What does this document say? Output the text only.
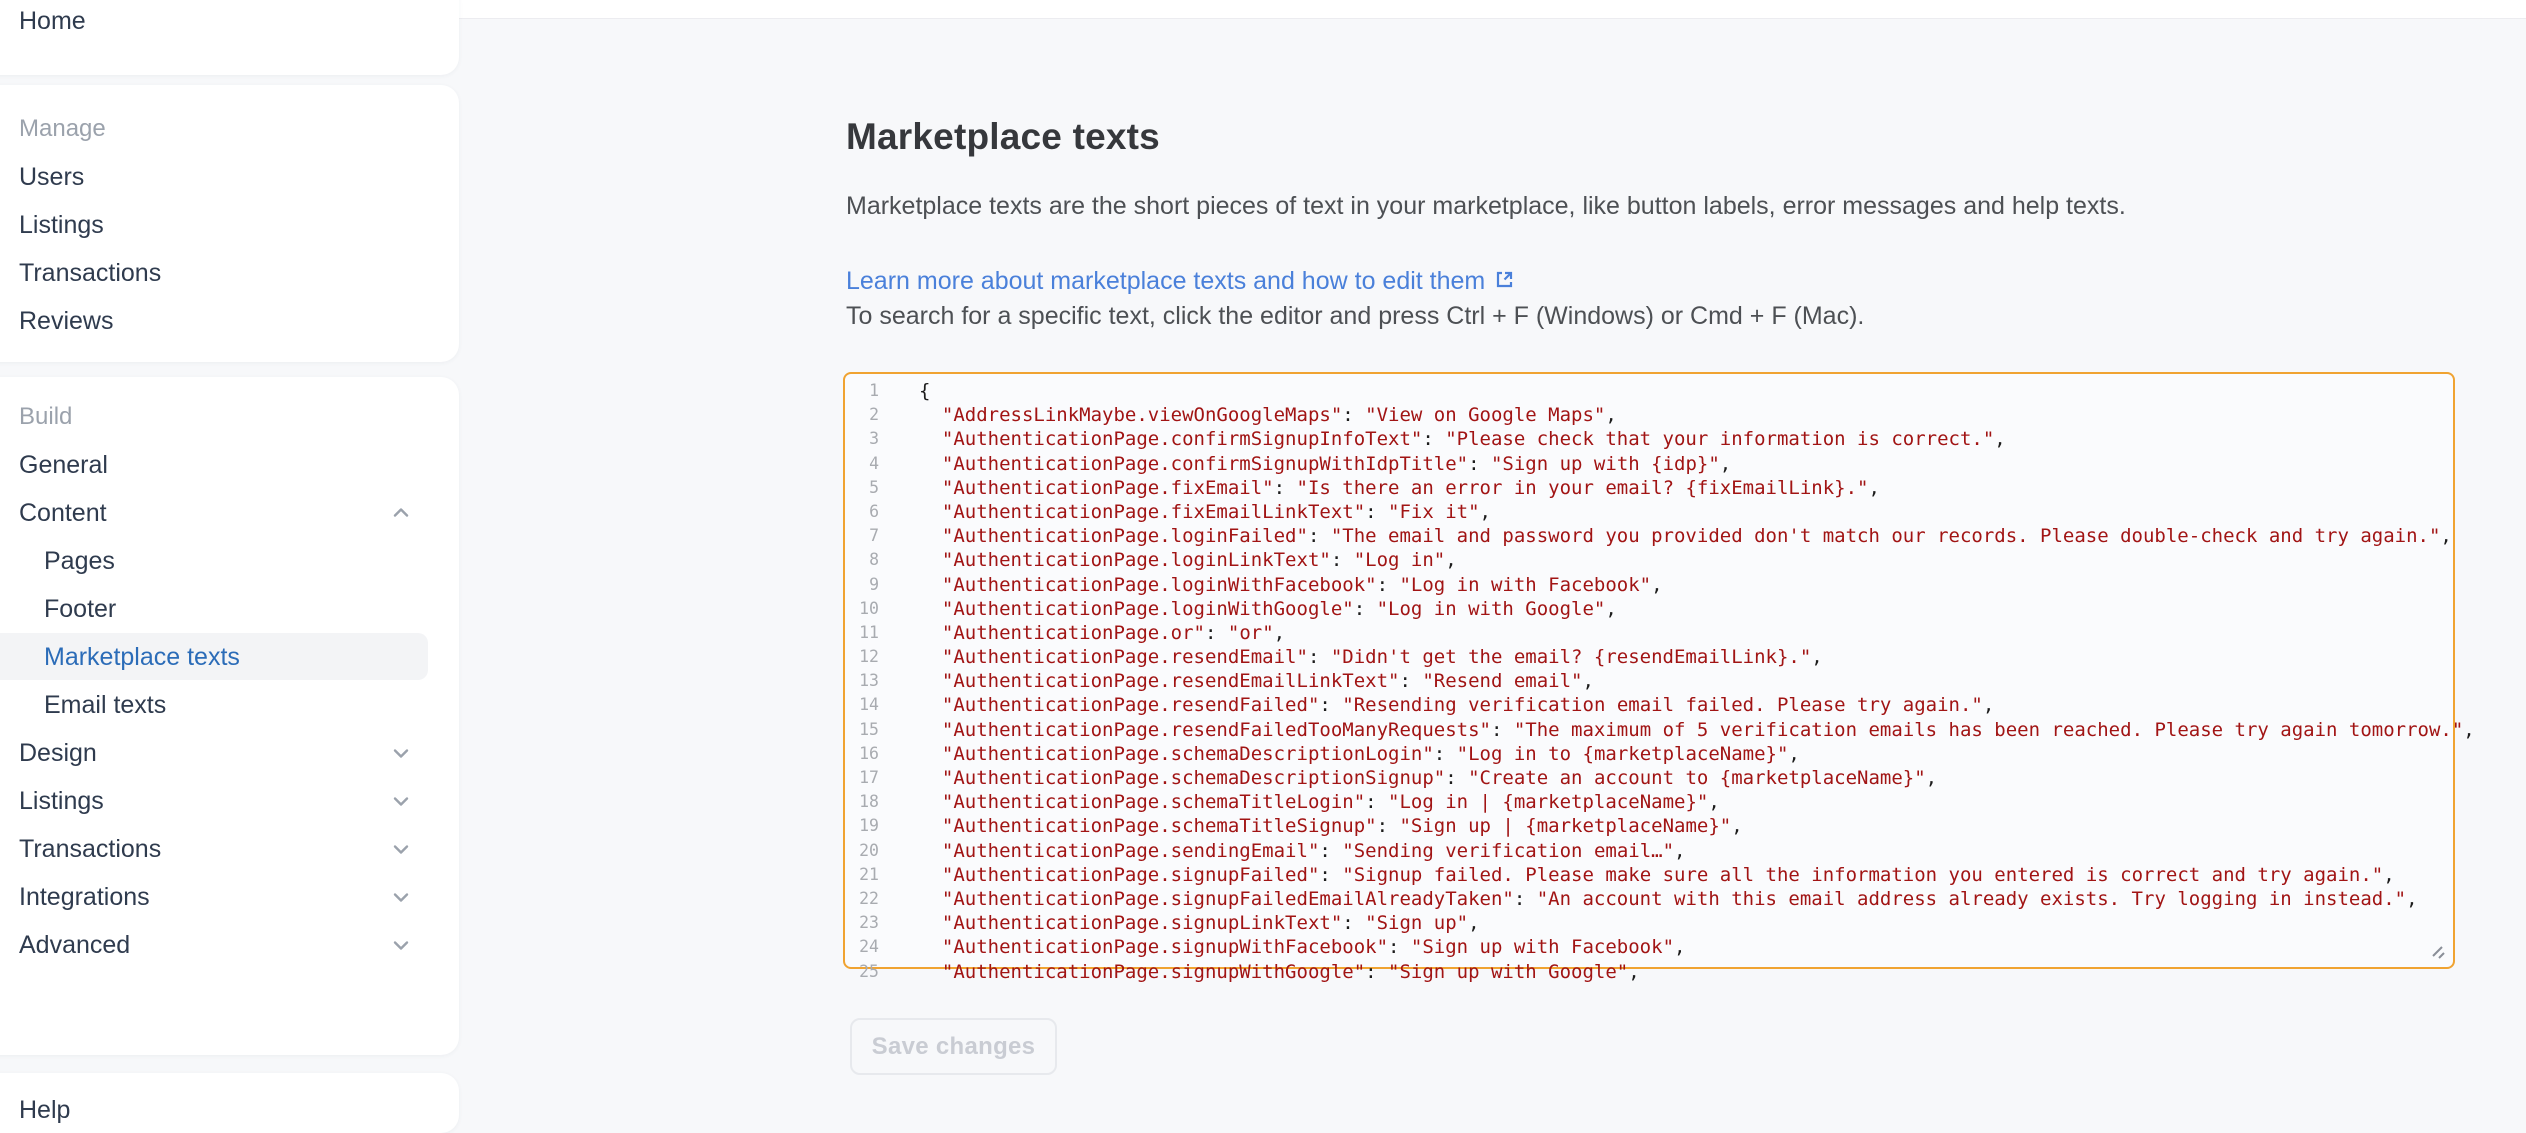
Home
Manage
Users
Listings
Transactions
Reviews
Build
General
Content
Pages
Footer
Marketplace texts
Email texts
Design
Listings
Transactions
Integrations
Advanced
Help
Marketplace texts

Marketplace texts are the short pieces of text in your marketplace, like button labels, error messages and help texts.

Learn more about marketplace texts and how to edit them

To search for a specific text, click the editor and press Ctrl + F (Windows) or Cmd + F (Mac).

1	{
2	"AddressLinkMaybe.viewOnGoogleMaps": "View on Google Maps",
3	"AuthenticationPage.confirmSignupInfoText": "Please check that your information is correct.",
4	"AuthenticationPage.confirmSignupWithIdpTitle": "Sign up with {idp}",
5	"AuthenticationPage.fixEmail": "Is there an error in your email? {fixEmailLink}.",
6	"AuthenticationPage.fixEmailLinkText": "Fix it",
7	"AuthenticationPage.loginFailed": "The email and password you provided don't match our records. Please double-check and try again.",
8	"AuthenticationPage.loginLinkText": "Log in",
9	"AuthenticationPage.loginWithFacebook": "Log in with Facebook",
10	"AuthenticationPage.loginWithGoogle": "Log in with Google",
11	"AuthenticationPage.or": "or",
12	"AuthenticationPage.resendEmail": "Didn't get the email? {resendEmailLink}.",
13	"AuthenticationPage.resendEmailLinkText": "Resend email",
14	"AuthenticationPage.resendFailed": "Resending verification email failed. Please try again.",
15	"AuthenticationPage.resendFailedTooManyRequests": "The maximum of 5 verification emails has been reached. Please try again tomorrow.",
16	"AuthenticationPage.schemaDescriptionLogin": "Log in to {marketplaceName}",
17	"AuthenticationPage.schemaDescriptionSignup": "Create an account to {marketplaceName}",
18	"AuthenticationPage.schemaTitleLogin": "Log in | {marketplaceName}",
19	"AuthenticationPage.schemaTitleSignup": "Sign up | {marketplaceName}",
20	"AuthenticationPage.sendingEmail": "Sending verification email…",
21	"AuthenticationPage.signupFailed": "Signup failed. Please make sure all the information you entered is correct and try again.",
22	"AuthenticationPage.signupFailedEmailAlreadyTaken": "An account with this email address already exists. Try logging in instead.",
23	"AuthenticationPage.signupLinkText": "Sign up",
24	"AuthenticationPage.signupWithFacebook": "Sign up with Facebook",
25	"AuthenticationPage.signupWithGoogle": "Sign up with Google",
Save changes
